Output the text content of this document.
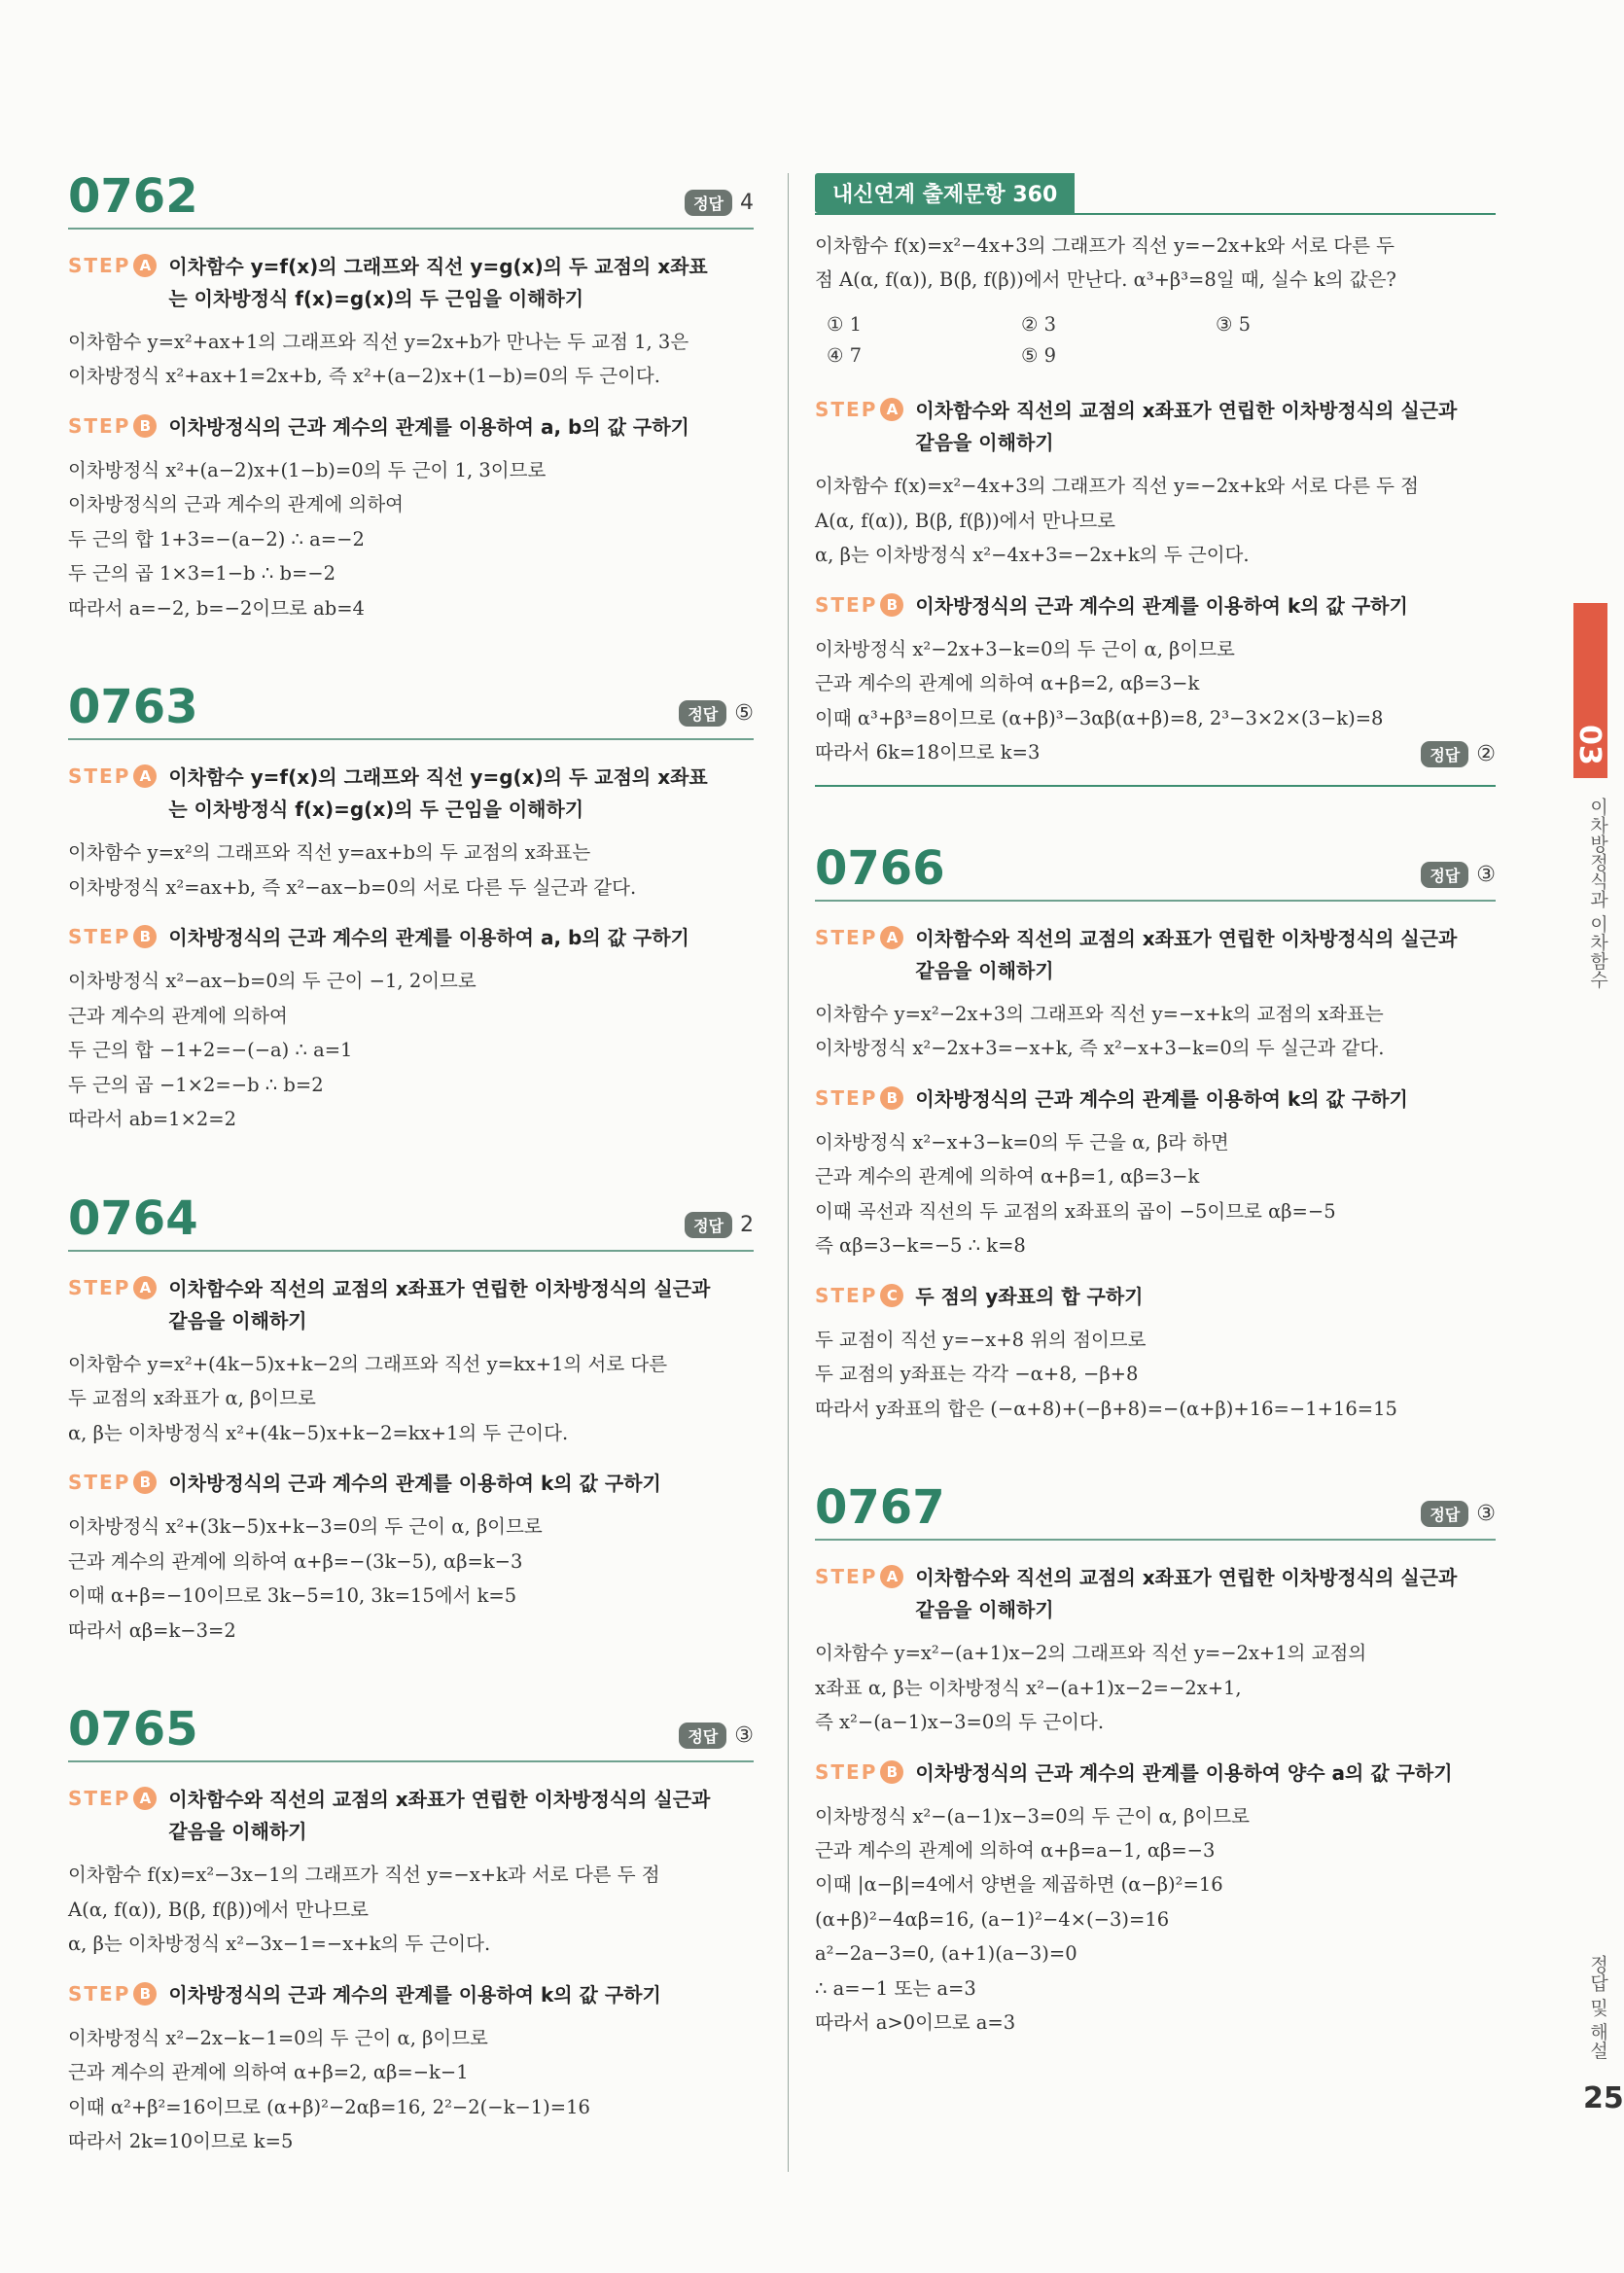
0762	정답 4
STEP A 이차함수 y=f(x)의 그래프와 직선 y=g(x)의 두 교점의 x좌표
는 이차방정식 f(x)=g(x)의 두 근임을 이해하기
이차함수 y=x²+ax+1의 그래프와 직선 y=2x+b가 만나는 두 교점 1, 3은
이차방정식 x²+ax+1=2x+b, 즉 x²+(a−2)x+(1−b)=0의 두 근이다.
STEP B 이차방정식의 근과 계수의 관계를 이용하여 a, b의 값 구하기
이차방정식 x²+(a−2)x+(1−b)=0의 두 근이 1, 3이므로
이차방정식의 근과 계수의 관계에 의하여
두 근의 합 1+3=−(a−2) ∴ a=−2
두 근의 곱 1×3=1−b ∴ b=−2
따라서 a=−2, b=−2이므로 ab=4
0763	정답 ⑤
STEP A 이차함수 y=f(x)의 그래프와 직선 y=g(x)의 두 교점의 x좌표
는 이차방정식 f(x)=g(x)의 두 근임을 이해하기
이차함수 y=x²의 그래프와 직선 y=ax+b의 두 교점의 x좌표는
이차방정식 x²=ax+b, 즉 x²−ax−b=0의 서로 다른 두 실근과 같다.
STEP B 이차방정식의 근과 계수의 관계를 이용하여 a, b의 값 구하기
이차방정식 x²−ax−b=0의 두 근이 −1, 2이므로
근과 계수의 관계에 의하여
두 근의 합 −1+2=−(−a) ∴ a=1
두 근의 곱 −1×2=−b ∴ b=2
따라서 ab=1×2=2
0764	정답 2
STEP A 이차함수와 직선의 교점의 x좌표가 연립한 이차방정식의 실근과
같음을 이해하기
이차함수 y=x²+(4k−5)x+k−2의 그래프와 직선 y=kx+1의 서로 다른
두 교점의 x좌표가 α, β이므로
α, β는 이차방정식 x²+(4k−5)x+k−2=kx+1의 두 근이다.
STEP B 이차방정식의 근과 계수의 관계를 이용하여 k의 값 구하기
이차방정식 x²+(3k−5)x+k−3=0의 두 근이 α, β이므로
근과 계수의 관계에 의하여 α+β=−(3k−5), αβ=k−3
이때 α+β=−10이므로 3k−5=10, 3k=15에서 k=5
따라서 αβ=k−3=2
0765	정답 ③
STEP A 이차함수와 직선의 교점의 x좌표가 연립한 이차방정식의 실근과
같음을 이해하기
이차함수 f(x)=x²−3x−1의 그래프가 직선 y=−x+k과 서로 다른 두 점
A(α, f(α)), B(β, f(β))에서 만나므로
α, β는 이차방정식 x²−3x−1=−x+k의 두 근이다.
STEP B 이차방정식의 근과 계수의 관계를 이용하여 k의 값 구하기
이차방정식 x²−2x−k−1=0의 두 근이 α, β이므로
근과 계수의 관계에 의하여 α+β=2, αβ=−k−1
이때 α²+β²=16이므로 (α+β)²−2αβ=16, 2²−2(−k−1)=16
따라서 2k=10이므로 k=5
내신연계 출제문항 360
이차함수 f(x)=x²−4x+3의 그래프가 직선 y=−2x+k와 서로 다른 두
점 A(α, f(α)), B(β, f(β))에서 만난다. α³+β³=8일 때, 실수 k의 값은?
① 1	② 3	③ 5
④ 7	⑤ 9
STEP A 이차함수와 직선의 교점의 x좌표가 연립한 이차방정식의 실근과
같음을 이해하기
이차함수 f(x)=x²−4x+3의 그래프가 직선 y=−2x+k와 서로 다른 두 점
A(α, f(α)), B(β, f(β))에서 만나므로
α, β는 이차방정식 x²−4x+3=−2x+k의 두 근이다.
STEP B 이차방정식의 근과 계수의 관계를 이용하여 k의 값 구하기
이차방정식 x²−2x+3−k=0의 두 근이 α, β이므로
근과 계수의 관계에 의하여 α+β=2, αβ=3−k
이때 α³+β³=8이므로 (α+β)³−3αβ(α+β)=8, 2³−3×2×(3−k)=8
따라서 6k=18이므로 k=3	정답 ②
0766	정답 ③
STEP A 이차함수와 직선의 교점의 x좌표가 연립한 이차방정식의 실근과
같음을 이해하기
이차함수 y=x²−2x+3의 그래프와 직선 y=−x+k의 교점의 x좌표는
이차방정식 x²−2x+3=−x+k, 즉 x²−x+3−k=0의 두 실근과 같다.
STEP B 이차방정식의 근과 계수의 관계를 이용하여 k의 값 구하기
이차방정식 x²−x+3−k=0의 두 근을 α, β라 하면
근과 계수의 관계에 의하여 α+β=1, αβ=3−k
이때 곡선과 직선의 두 교점의 x좌표의 곱이 −5이므로 αβ=−5
즉 αβ=3−k=−5 ∴ k=8
STEP C 두 점의 y좌표의 합 구하기
두 교점이 직선 y=−x+8 위의 점이므로
두 교점의 y좌표는 각각 −α+8, −β+8
따라서 y좌표의 합은 (−α+8)+(−β+8)=−(α+β)+16=−1+16=15
0767	정답 ③
STEP A 이차함수와 직선의 교점의 x좌표가 연립한 이차방정식의 실근과
같음을 이해하기
이차함수 y=x²−(a+1)x−2의 그래프와 직선 y=−2x+1의 교점의
x좌표 α, β는 이차방정식 x²−(a+1)x−2=−2x+1,
즉 x²−(a−1)x−3=0의 두 근이다.
STEP B 이차방정식의 근과 계수의 관계를 이용하여 양수 a의 값 구하기
이차방정식 x²−(a−1)x−3=0의 두 근이 α, β이므로
근과 계수의 관계에 의하여 α+β=a−1, αβ=−3
이때 |α−β|=4에서 양변을 제곱하면 (α−β)²=16
(α+β)²−4αβ=16, (a−1)²−4×(−3)=16
a²−2a−3=0, (a+1)(a−3)=0
∴ a=−1 또는 a=3
따라서 a>0이므로 a=3
03
이차방정식과 이차함수
정답 및 해설
25
